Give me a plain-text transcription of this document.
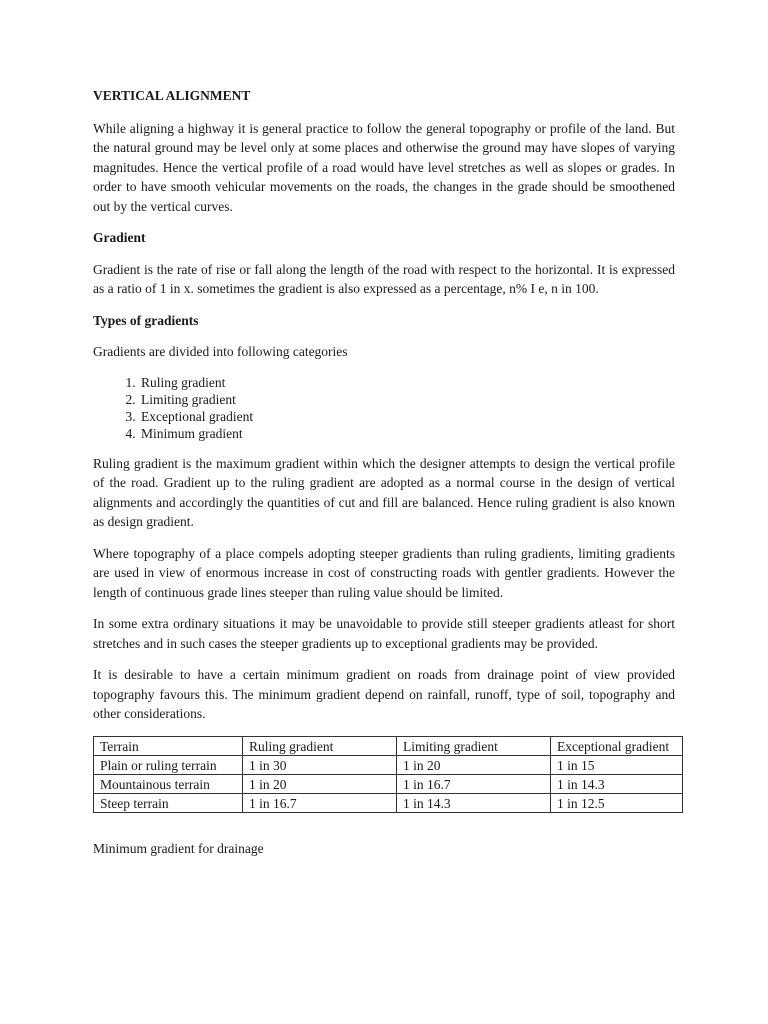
VERTICAL ALIGNMENT

While aligning a highway it is general practice to follow the general topography or profile of the land. But the natural ground may be level only at some places and otherwise the ground may have slopes of varying magnitudes. Hence the vertical profile of a road would have level stretches as well as slopes or grades. In order to have smooth vehicular movements on the roads, the changes in the grade should be smoothened out by the vertical curves.

Gradient

Gradient is the rate of rise or fall along the length of the road with respect to the horizontal. It is expressed as a ratio of 1 in x. sometimes the gradient is also expressed as a percentage, n% I e, n in 100.

Types of gradients

Gradients are divided into following categories

1. Ruling gradient
2. Limiting gradient
3. Exceptional gradient
4. Minimum gradient

Ruling gradient is the maximum gradient within which the designer attempts to design the vertical profile of the road. Gradient up to the ruling gradient are adopted as a normal course in the design of vertical alignments and accordingly the quantities of cut and fill are balanced. Hence ruling gradient is also known as design gradient.

Where topography of a place compels adopting steeper gradients than ruling gradients, limiting gradients are used in view of enormous increase in cost of constructing roads with gentler gradients. However the length of continuous grade lines steeper than ruling value should be limited.

In some extra ordinary situations it may be unavoidable to provide still steeper gradients atleast for short stretches and in such cases the steeper gradients up to exceptional gradients may be provided.

It is desirable to have a certain minimum gradient on roads from drainage point of view provided topography favours this. The minimum gradient depend on rainfall, runoff, type of soil, topography and other considerations.

Terrain	Ruling gradient	Limiting gradient	Exceptional gradient
Plain or ruling terrain	1 in 30	1 in 20	1 in 15
Mountainous terrain	1 in 20	1 in 16.7	1 in 14.3
Steep terrain	1 in 16.7	1 in 14.3	1 in 12.5

Minimum gradient for drainage
